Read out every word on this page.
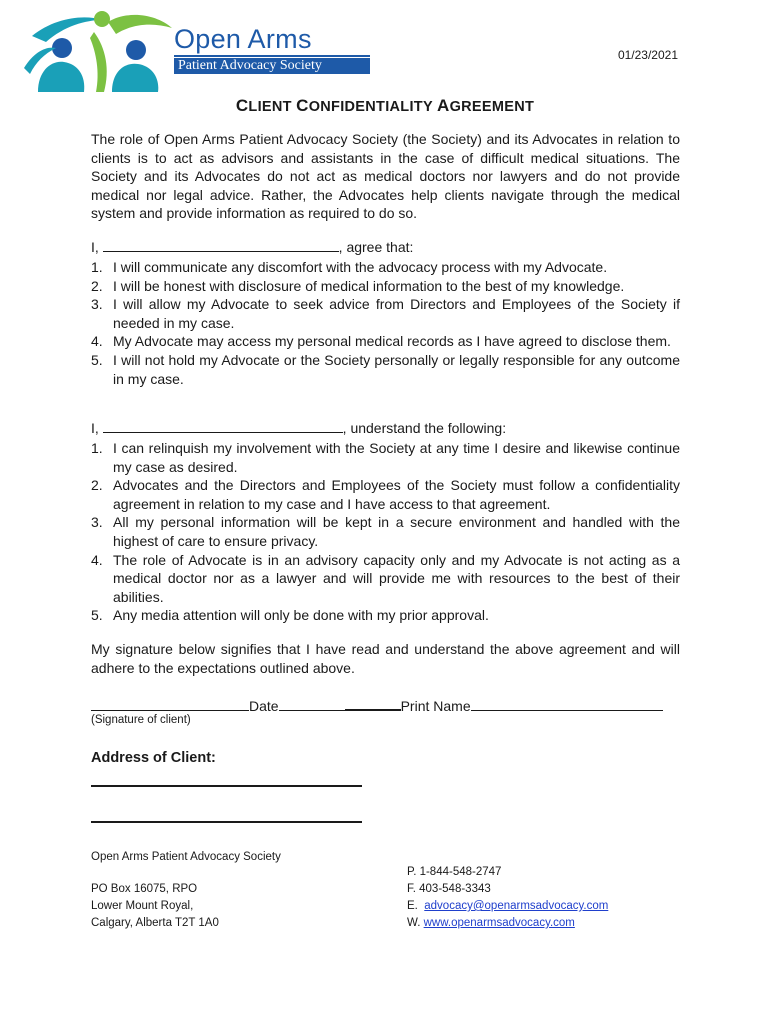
Open Arms
Patient Advocacy Society
01/23/2021
CLIENT CONFIDENTIALITY AGREEMENT
The role of Open Arms Patient Advocacy Society (the Society) and its Advocates in relation to clients is to act as advisors and assistants in the case of difficult medical situations. The Society and its Advocates do not act as medical doctors nor lawyers and do not provide medical nor legal advice. Rather, the Advocates help clients navigate through the medical system and provide information as required to do so.
I,	, agree that:
1. I will communicate any discomfort with the advocacy process with my Advocate.
2. I will be honest with disclosure of medical information to the best of my knowledge.
3. I will allow my Advocate to seek advice from Directors and Employees of the Society if needed in my case.
4. My Advocate may access my personal medical records as I have agreed to disclose them.
5. I will not hold my Advocate or the Society personally or legally responsible for any outcome in my case.
I,	, understand the following:
1. I can relinquish my involvement with the Society at any time I desire and likewise continue my case as desired.
2. Advocates and the Directors and Employees of the Society must follow a confidentiality agreement in relation to my case and I have access to that agreement.
3. All my personal information will be kept in a secure environment and handled with the highest of care to ensure privacy.
4. The role of Advocate is in an advisory capacity only and my Advocate is not acting as a medical doctor nor as a lawyer and will provide me with resources to the best of their abilities.
5. Any media attention will only be done with my prior approval.
My signature below signifies that I have read and understand the above agreement and will adhere to the expectations outlined above.
Date	Print Name
(Signature of client)
Address of Client:
Open Arms Patient Advocacy Society
PO Box 16075, RPO
Lower Mount Royal,
Calgary, Alberta T2T 1A0
P. 1-844-548-2747
F. 403-548-3343
E. advocacy@openarmsadvocacy.com
W. www.openarmsadvocacy.com
